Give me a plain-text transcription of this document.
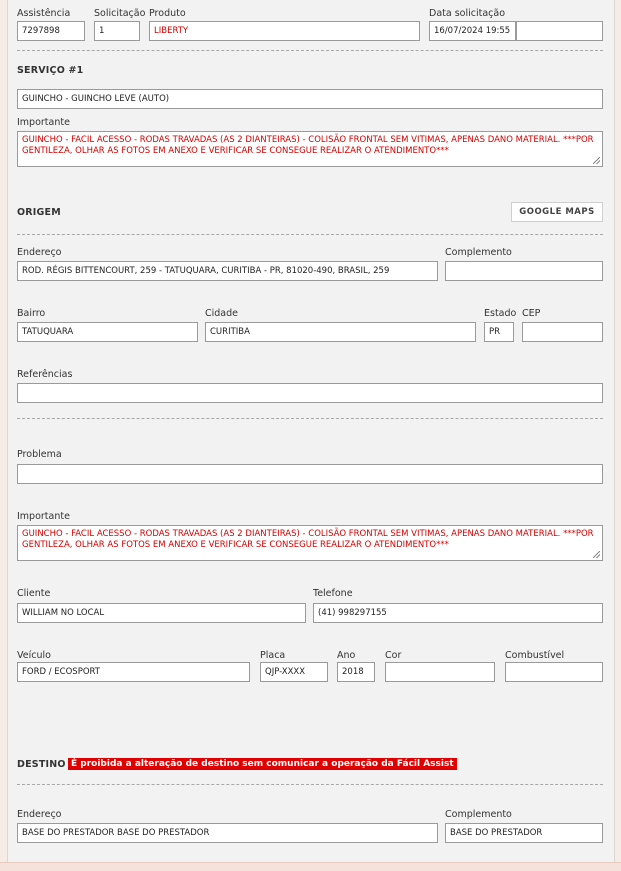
Assistência
7297898
Solicitação
1
Produto
LIBERTY
Data solicitação
16/07/2024 19:55
SERVIÇO #1
GUINCHO - GUINCHO LEVE (AUTO)
Importante
GUINCHO - FACIL ACESSO - RODAS TRAVADAS (AS 2 DIANTEIRAS) - COLISÃO FRONTAL SEM VITIMAS, APENAS DANO MATERIAL. ***POR GENTILEZA, OLHAR AS FOTOS EM ANEXO E VERIFICAR SE CONSEGUE REALIZAR O ATENDIMENTO***
ORIGEM	GOOGLE MAPS
Endereço
ROD. RÉGIS BITTENCOURT, 259 - TATUQUARA, CURITIBA - PR, 81020-490, BRASIL, 259
Complemento
Bairro
TATUQUARA
Cidade
CURITIBA
Estado
PR
CEP
Referências
Problema
Importante
GUINCHO - FACIL ACESSO - RODAS TRAVADAS (AS 2 DIANTEIRAS) - COLISÃO FRONTAL SEM VITIMAS, APENAS DANO MATERIAL. ***POR GENTILEZA, OLHAR AS FOTOS EM ANEXO E VERIFICAR SE CONSEGUE REALIZAR O ATENDIMENTO***
Cliente
WILLIAM NO LOCAL
Telefone
(41) 998297155
Veículo
FORD / ECOSPORT
Placa
QJP-XXXX
Ano
2018
Cor	Combustível
DESTINO É proibida a alteração de destino sem comunicar a operação da Fácil Assist
Endereço
BASE DO PRESTADOR BASE DO PRESTADOR
Complemento
BASE DO PRESTADOR
